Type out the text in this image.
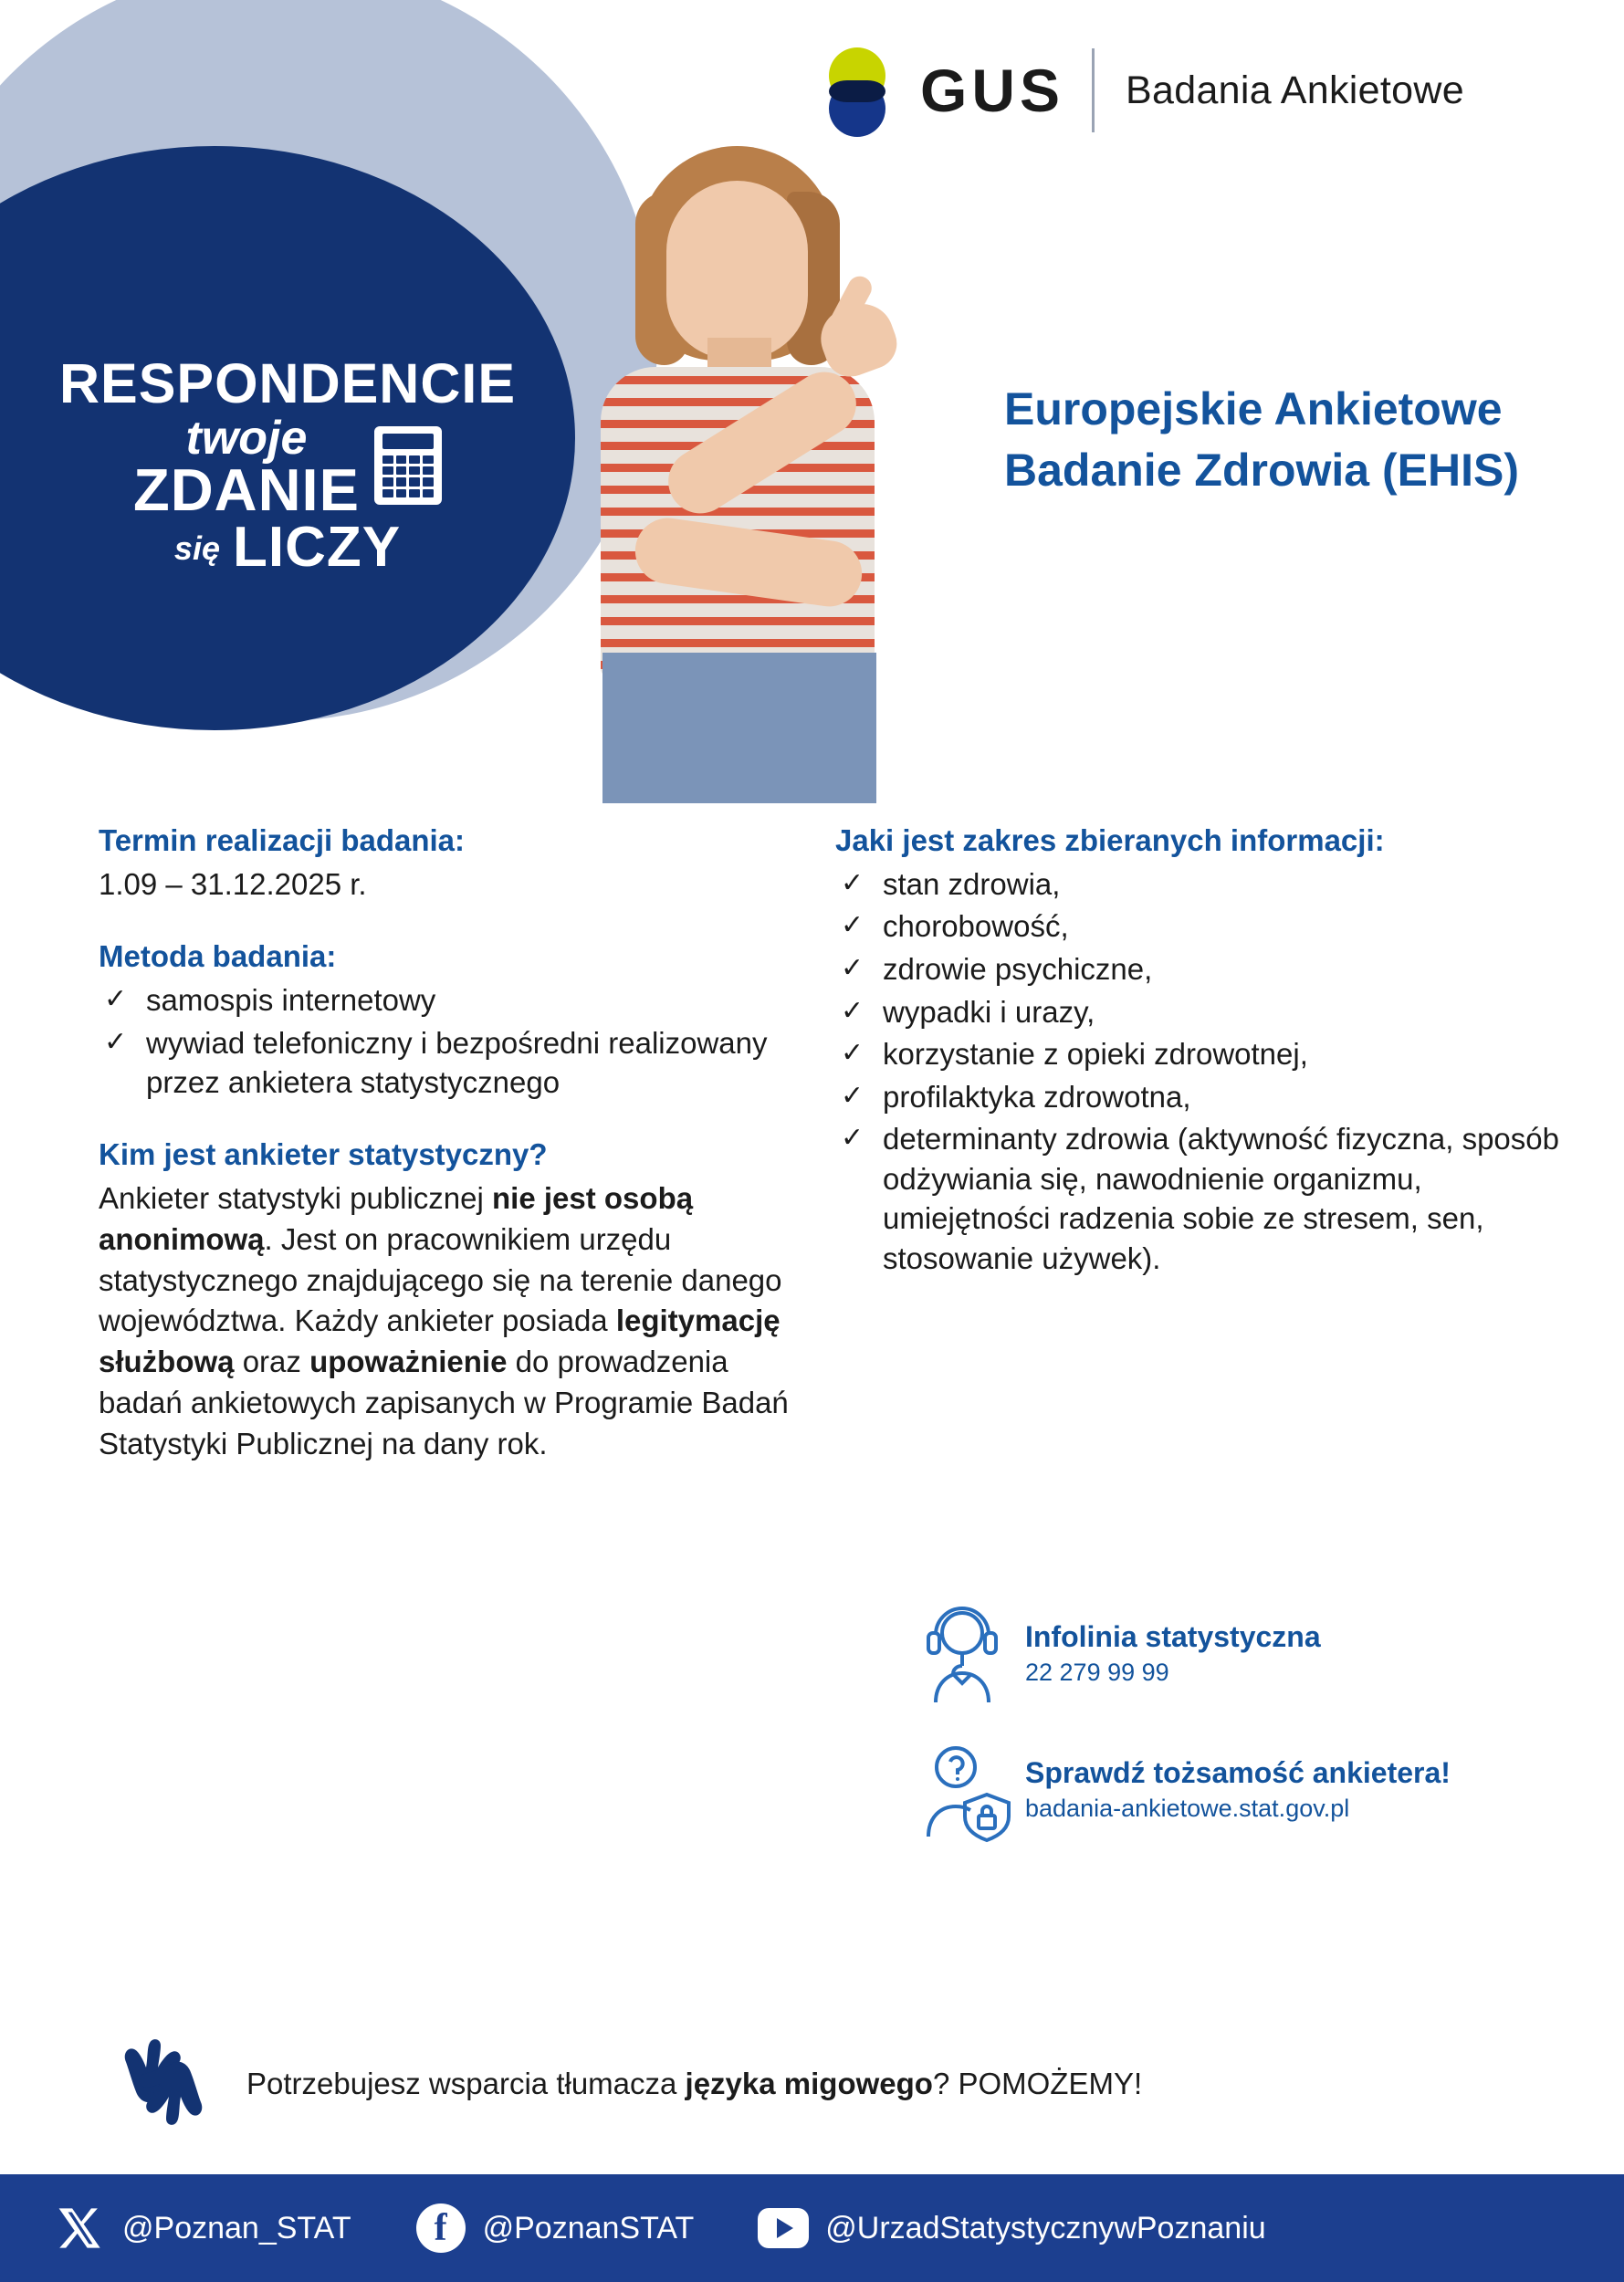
GUS Badania Ankietowe
RESPONDENCIE
twoje
ZDANIE
się LICZY
Europejskie Ankietowe Badanie Zdrowia (EHIS)
Termin realizacji badania:
1.09 – 31.12.2025 r.
Metoda badania:
✓ samospis internetowy
✓ wywiad telefoniczny i bezpośredni realizowany przez ankietera statystycznego
Kim jest ankieter statystyczny?
Ankieter statystyki publicznej nie jest osobą anonimową. Jest on pracownikiem urzędu statystycznego znajdującego się na terenie danego województwa. Każdy ankieter posiada legitymację służbową oraz upoważnienie do prowadzenia badań ankietowych zapisanych w Programie Badań Statystyki Publicznej na dany rok.
Jaki jest zakres zbieranych informacji:
✓ stan zdrowia,
✓ chorobowość,
✓ zdrowie psychiczne,
✓ wypadki i urazy,
✓ korzystanie z opieki zdrowotnej,
✓ profilaktyka zdrowotna,
✓ determinanty zdrowia (aktywność fizyczna, sposób odżywiania się, nawodnienie organizmu, umiejętności radzenia sobie ze stresem, sen, stosowanie używek).
Infolinia statystyczna
22 279 99 99
Sprawdź tożsamość ankietera!
badania-ankietowe.stat.gov.pl
Potrzebujesz wsparcia tłumacza języka migowego? POMOŻEMY!
@Poznan_STAT	f	@PoznanSTAT	@UrzadStatystycznywPoznaniu
